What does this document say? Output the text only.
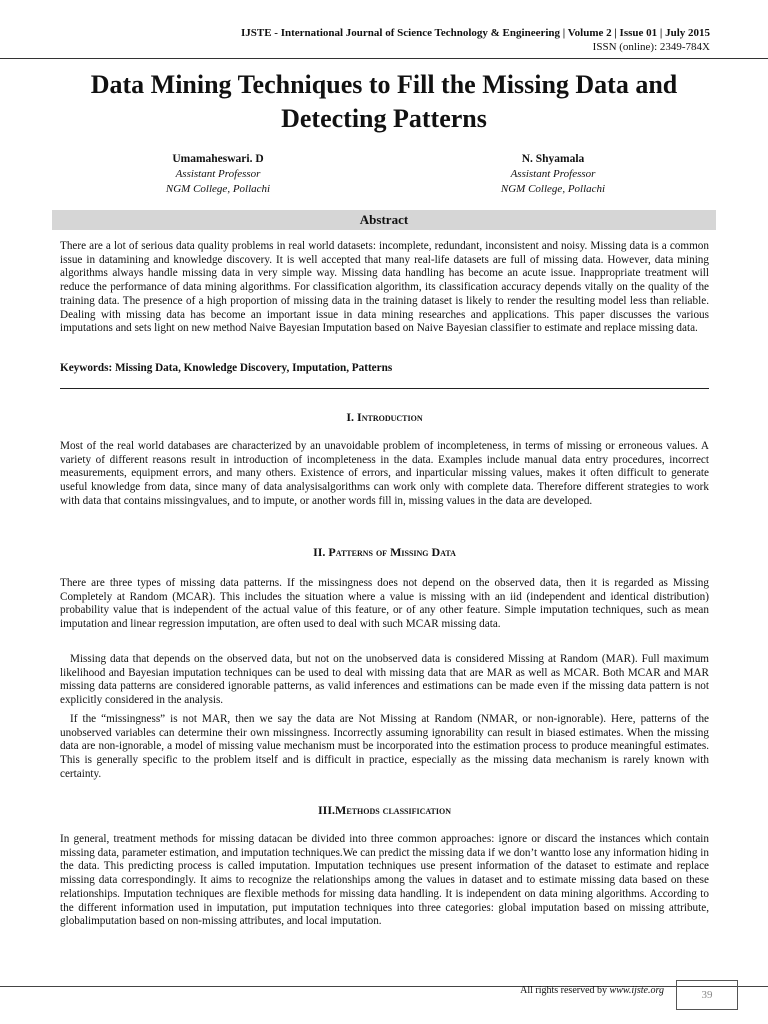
IJSTE - International Journal of Science Technology & Engineering | Volume 2 | Issue 01 | July 2015
ISSN (online): 2349-784X
Data Mining Techniques to Fill the Missing Data and Detecting Patterns
Umamaheswari. D
Assistant Professor
NGM College, Pollachi
N. Shyamala
Assistant Professor
NGM College, Pollachi
Abstract
There are a lot of serious data quality problems in real world datasets: incomplete, redundant, inconsistent and noisy. Missing data is a common issue in datamining and knowledge discovery. It is well accepted that many real-life datasets are full of missing data. However, data mining algorithms always handle missing data in very simple way. Missing data handling has become an acute issue. Inappropriate treatment will reduce the performance of data mining algorithms. For classification algorithm, its classification accuracy depends vitally on the quality of the training data. The presence of a high proportion of missing data in the training dataset is likely to render the resulting model less than reliable. Dealing with missing data has become an important issue in data mining researches and applications. This paper discusses the various imputations and sets light on new method Naive Bayesian Imputation based on Naive Bayesian classifier to estimate and replace missing data.
Keywords: Missing Data, Knowledge Discovery, Imputation, Patterns
I. Introduction

Most of the real world databases are characterized by an unavoidable problem of incompleteness, in terms of missing or erroneous values. A variety of different reasons result in introduction of incompleteness in the data. Examples include manual data entry procedures, incorrect measurements, equipment errors, and many others. Existence of errors, and inparticular missing values, makes it often difficult to generate useful knowledge from data, since many of data analysisalgorithms can work only with complete data. Therefore different strategies to work with data that contains missingvalues, and to impute, or another words fill in, missing values in the data are developed.

II. Patterns of Missing Data

There are three types of missing data patterns. If the missingness does not depend on the observed data, then it is regarded as Missing Completely at Random (MCAR). This includes the situation where a value is missing with an iid (independent and identical distribution) probability value that is independent of the actual value of this feature, or of any other feature. Simple imputation techniques, such as mean imputation and linear regression imputation, are often used to deal with such MCAR missing data.

Missing data that depends on the observed data, but not on the unobserved data is considered Missing at Random (MAR). Full maximum likelihood and Bayesian imputation techniques can be used to deal with missing data that are MAR as well as MCAR. Both MCAR and MAR missing data patterns are considered ignorable patterns, as valid inferences and estimations can be made even if the missing data pattern is not explicitly considered in the analysis.

If the “missingness” is not MAR, then we say the data are Not Missing at Random (NMAR, or non-ignorable). Here, patterns of the unobserved variables can determine their own missingness. Incorrectly assuming ignorability can result in biased estimates. When the missing data are non-ignorable, a model of missing value mechanism must be incorporated into the estimation process to produce meaningful estimates. This is generally specific to the problem itself and is difficult in practice, especially as the missing data mechanism is rarely known with certainty.

III.Methods classification

In general, treatment methods for missing datacan be divided into three common approaches: ignore or discard the instances which contain missing data, parameter estimation, and imputation techniques.We can predict the missing data if we don’t wantto lose any information hiding in the data. This predicting process is called imputation. Imputation techniques use present information of the dataset to estimate and replace missing data correspondingly. It aims to recognize the relationships among the values in dataset and to estimate missing data based on these relationships. Imputation techniques are flexible methods for missing data handling. It is independent on data mining algorithms. According to the different information used in imputation, put imputation techniques into three categories: global imputation based on missing attribute, globalimputation based on non-missing attributes, and local imputation.

All rights reserved by www.ijste.org	39
